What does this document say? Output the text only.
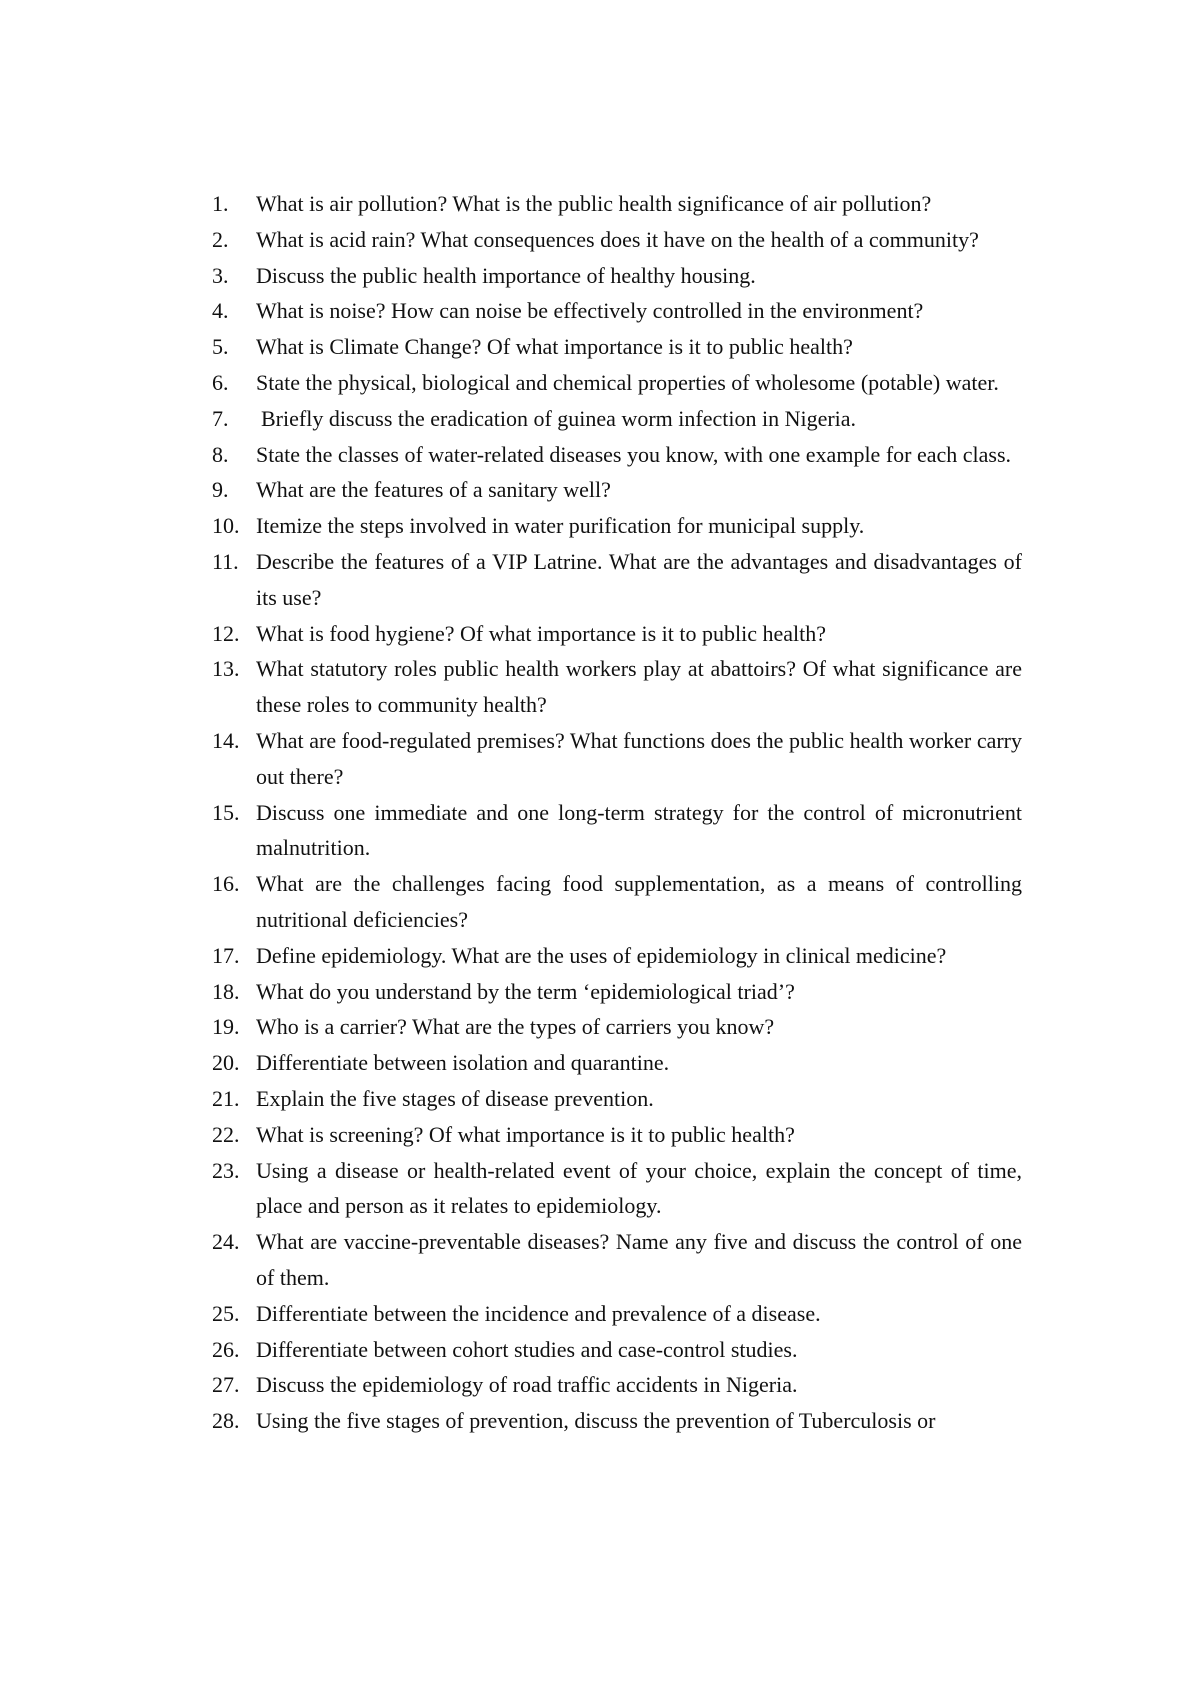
1.	What is air pollution? What is the public health significance of air pollution?
2.	What is acid rain? What consequences does it have on the health of a community?
3.	Discuss the public health importance of healthy housing.
4.	What is noise? How can noise be effectively controlled in the environment?
5.	What is Climate Change? Of what importance is it to public health?
6.	State the physical, biological and chemical properties of wholesome (potable) water.
7.	Briefly discuss the eradication of guinea worm infection in Nigeria.
8.	State the classes of water-related diseases you know, with one example for each class.
9.	What are the features of a sanitary well?
10. Itemize the steps involved in water purification for municipal supply.
11. Describe the features of a VIP Latrine. What are the advantages and disadvantages of its use?
12. What is food hygiene? Of what importance is it to public health?
13. What statutory roles public health workers play at abattoirs? Of what significance are these roles to community health?
14. What are food-regulated premises? What functions does the public health worker carry out there?
15. Discuss one immediate and one long-term strategy for the control of micronutrient malnutrition.
16. What are the challenges facing food supplementation, as a means of controlling nutritional deficiencies?
17. Define epidemiology. What are the uses of epidemiology in clinical medicine?
18. What do you understand by the term ‘epidemiological triad’?
19. Who is a carrier? What are the types of carriers you know?
20. Differentiate between isolation and quarantine.
21. Explain the five stages of disease prevention.
22. What is screening? Of what importance is it to public health?
23. Using a disease or health-related event of your choice, explain the concept of time, place and person as it relates to epidemiology.
24. What are vaccine-preventable diseases? Name any five and discuss the control of one of them.
25. Differentiate between the incidence and prevalence of a disease.
26. Differentiate between cohort studies and case-control studies.
27. Discuss the epidemiology of road traffic accidents in Nigeria.
28. Using the five stages of prevention, discuss the prevention of Tuberculosis or
